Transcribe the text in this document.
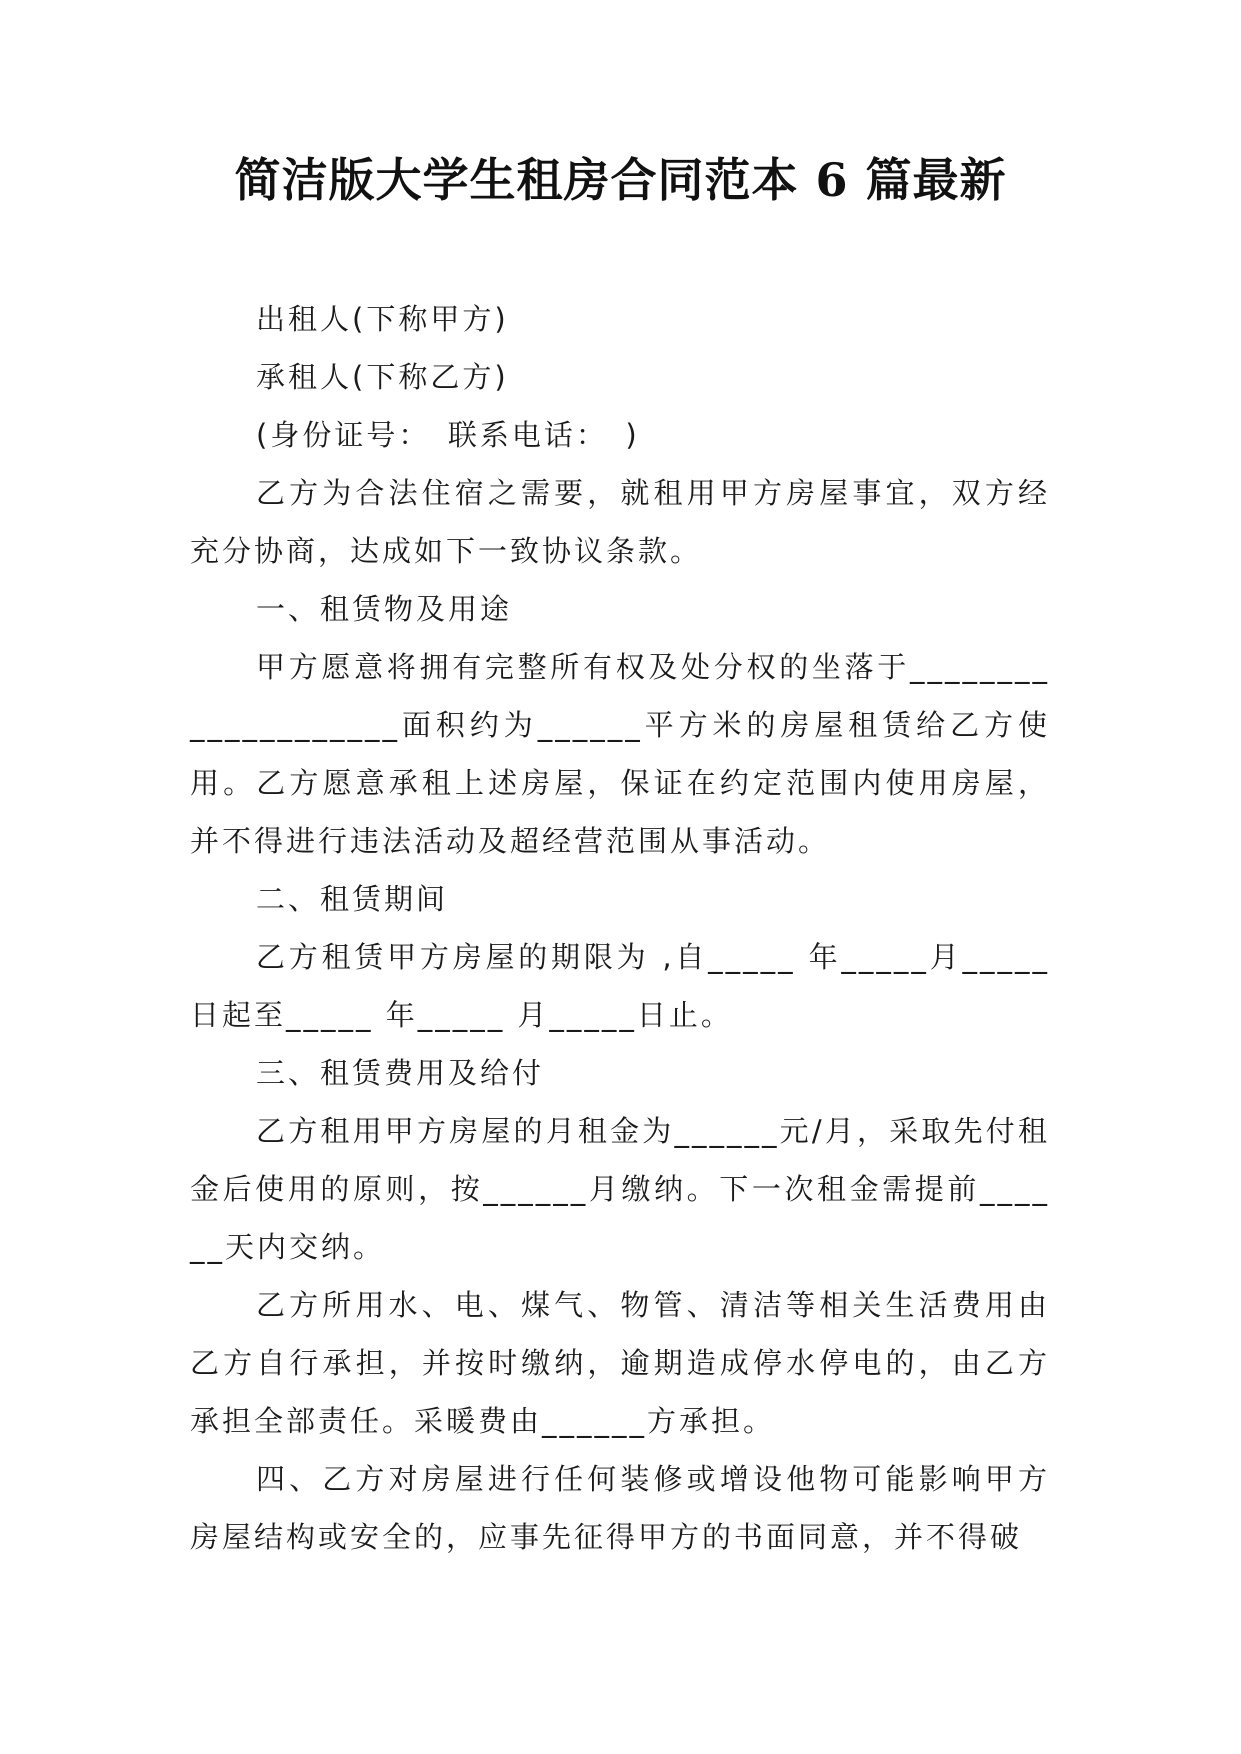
简洁版大学生租房合同范本 6 篇最新

出租人(下称甲方)

承租人(下称乙方)

(身份证号：　联系电话：　)

乙方为合法住宿之需要，就租用甲方房屋事宜，双方经充分协商，达成如下一致协议条款。

一、租赁物及用途

甲方愿意将拥有完整所有权及处分权的坐落于____________________面积约为______平方米的房屋租赁给乙方使用。乙方愿意承租上述房屋，保证在约定范围内使用房屋，并不得进行违法活动及超经营范围从事活动。

二、租赁期间

乙方租赁甲方房屋的期限为 ,自_____ 年_____月_____日起至_____ 年_____ 月_____日止。

三、租赁费用及给付

乙方租用甲方房屋的月租金为______元/月，采取先付租金后使用的原则，按______月缴纳。下一次租金需提前______天内交纳。

乙方所用水、电、煤气、物管、清洁等相关生活费用由乙方自行承担，并按时缴纳，逾期造成停水停电的，由乙方承担全部责任。采暖费由______方承担。

四、乙方对房屋进行任何装修或增设他物可能影响甲方房屋结构或安全的，应事先征得甲方的书面同意，并不得破
